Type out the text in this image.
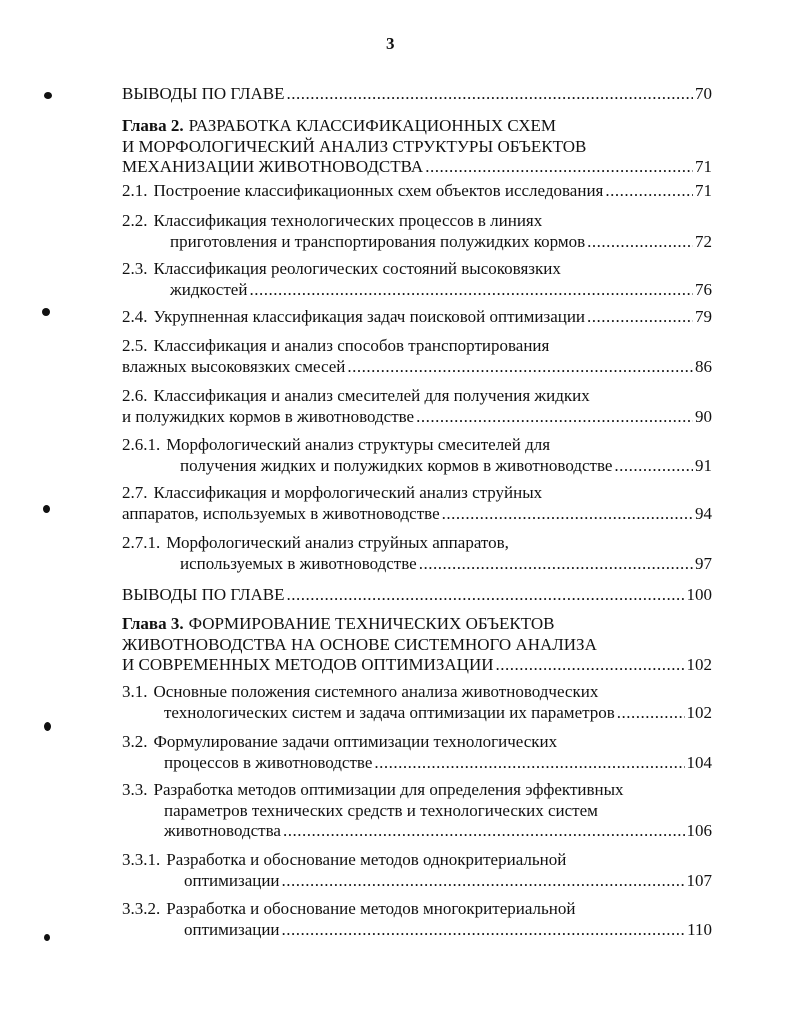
3
ВЫВОДЫ ПО ГЛАВЕ .....	70
Глава 2. РАЗРАБОТКА КЛАССИФИКАЦИОННЫХ СХЕМ
И МОРФОЛОГИЧЕСКИЙ АНАЛИЗ СТРУКТУРЫ ОБЪЕКТОВ
МЕХАНИЗАЦИИ ЖИВОТНОВОДСТВА .....	71
2.1. Построение классификационных схем объектов исследования .....	71
2.2. Классификация технологических процессов в линиях
приготовления и транспортирования полужидких кормов .....	72
2.3. Классификация реологических состояний высоковязких
жидкостей .....	76
2.4. Укрупненная классификация задач поисковой оптимизации .....	79
2.5. Классификация и анализ способов транспортирования
влажных высоковязких смесей .....	86
2.6. Классификация и анализ смесителей для получения жидких
и полужидких кормов в животноводстве .....	90
2.6.1. Морфологический анализ структуры смесителей для
получения жидких и полужидких кормов в животноводстве .....	91
2.7. Классификация и морфологический анализ струйных
аппаратов, используемых в животноводстве .....	94
2.7.1. Морфологический анализ струйных аппаратов,
используемых в животноводстве .....	97
ВЫВОДЫ ПО ГЛАВЕ .....	100
Глава 3. ФОРМИРОВАНИЕ ТЕХНИЧЕСКИХ ОБЪЕКТОВ
ЖИВОТНОВОДСТВА НА ОСНОВЕ СИСТЕМНОГО АНАЛИЗА
И СОВРЕМЕННЫХ МЕТОДОВ ОПТИМИЗАЦИИ .....	102
3.1. Основные положения системного анализа животноводческих
технологических систем и задача оптимизации их параметров .....	102
3.2. Формулирование задачи оптимизации технологических
процессов в животноводстве .....	104
3.3. Разработка методов оптимизации для определения эффективных
параметров технических средств и технологических систем
животноводства .....	106
3.3.1. Разработка и обоснование методов однокритериальной
оптимизации .....	107
3.3.2. Разработка и обоснование методов многокритериальной
оптимизации .....	110
